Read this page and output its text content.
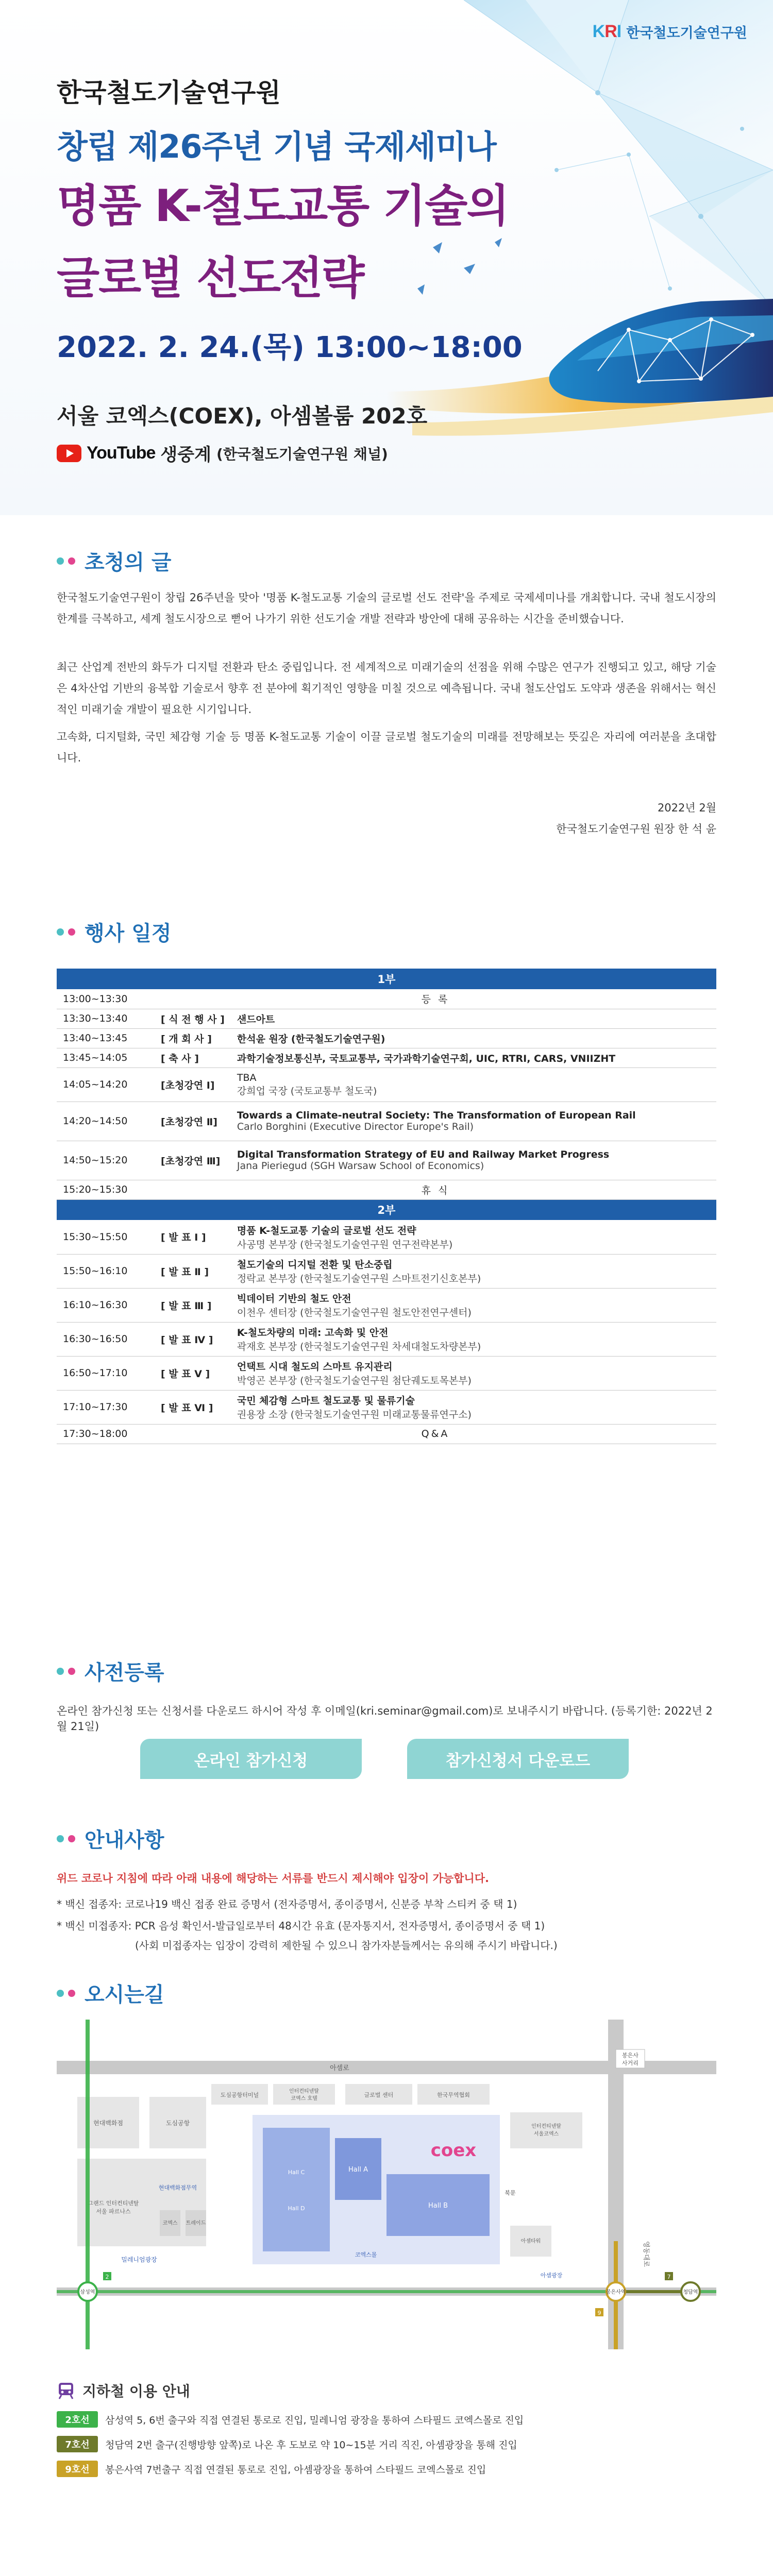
KRI 한국철도기술연구원
한국철도기술연구원
창립 제26주년 기념 국제세미나
명품 K-철도교통 기술의
글로벌 선도전략
2022. 2. 24.(목) 13:00~18:00
서울 코엑스(COEX), 아셈볼룸 202호
YouTube 생중계 (한국철도기술연구원 채널)
초청의 글
한국철도기술연구원이 창립 26주년을 맞아 '명품 K-철도교통 기술의 글로벌 선도 전략'을 주제로 국제세미나를 개최합니다. 국내 철도시장의 한계를 극복하고, 세계 철도시장으로 뻗어 나가기 위한 선도기술 개발 전략과 방안에 대해 공유하는 시간을 준비했습니다.
최근 산업계 전반의 화두가 디지털 전환과 탄소 중립입니다. 전 세계적으로 미래기술의 선점을 위해 수많은 연구가 진행되고 있고, 해당 기술은 4차산업 기반의 융복합 기술로서 향후 전 분야에 획기적인 영향을 미칠 것으로 예측됩니다. 국내 철도산업도 도약과 생존을 위해서는 혁신적인 미래기술 개발이 필요한 시기입니다.
고속화, 디지털화, 국민 체감형 기술 등 명품 K-철도교통 기술이 이끌 글로벌 철도기술의 미래를 전망해보는 뜻깊은 자리에 여러분을 초대합니다.
2022년 2월
한국철도기술연구원 원장 한 석 윤
행사 일정
1부		
13:00~13:30	등 록	
13:30~13:40	[ 식 전 행 사 ]	샌드아트

13:40~13:45	[ 개 회 사 ]	한석윤 원장 (한국철도기술연구원)

13:45~14:05	[ 축 사 ]	과학기술정보통신부, 국토교통부, 국가과학기술연구회, UIC, RTRI, CARS, VNIIZHT

14:05~14:20	[초청강연 Ⅰ]	TBA
강희업 국장 (국토교통부 철도국)

14:20~14:50	[초청강연 Ⅱ]	Towards a Climate-neutral Society: The Transformation of European Rail
Carlo Borghini (Executive Director Europe's Rail)

14:50~15:20	[초청강연 Ⅲ]	Digital Transformation Strategy of EU and Railway Market Progress
Jana Pieriegud (SGH Warsaw School of Economics)

15:20~15:30	휴 식	
2부		
15:30~15:50	[ 발 표 Ⅰ ]	명품 K-철도교통 기술의 글로벌 선도 전략
사공명 본부장 (한국철도기술연구원 연구전략본부)

15:50~16:10	[ 발 표 Ⅱ ]	철도기술의 디지털 전환 및 탄소중립
정락교 본부장 (한국철도기술연구원 스마트전기신호본부)

16:10~16:30	[ 발 표 Ⅲ ]	빅데이터 기반의 철도 안전
이천우 센터장 (한국철도기술연구원 철도안전연구센터)

16:30~16:50	[ 발 표 Ⅳ ]	K-철도차량의 미래: 고속화 및 안전
곽재호 본부장 (한국철도기술연구원 차세대철도차량본부)

16:50~17:10	[ 발 표 Ⅴ ]	언택트 시대 철도의 스마트 유지관리
박영곤 본부장 (한국철도기술연구원 첨단궤도토목본부)

17:10~17:30	[ 발 표 Ⅵ ]	국민 체감형 스마트 철도교통 및 물류기술
권용장 소장 (한국철도기술연구원 미래교통물류연구소)

17:30~18:00	Q&A	
사전등록
온라인 참가신청 또는 신청서를 다운로드 하시어 작성 후 이메일(kri.seminar@gmail.com)로 보내주시기 바랍니다. (등록기한: 2022년 2월 21일)
온라인 참가신청	참가신청서 다운로드
안내사항
위드 코로나 지침에 따라 아래 내용에 해당하는 서류를 반드시 제시해야 입장이 가능합니다.
* 백신 접종자: 코로나19 백신 접종 완료 증명서 (전자증명서, 종이증명서, 신분증 부착 스티커 중 택 1)
* 백신 미접종자: PCR 음성 확인서-발급일로부터 48시간 유효 (문자통지서, 전자증명서, 종이증명서 중 택 1)
(사회 미접종자는 입장이 강력히 제한될 수 있으니 참가자분들께서는 유의해 주시기 바랍니다.)
오시는길
아셈로
영동대로
봉은사
사거리
현대백화점	도심공항
그랜드 인터컨티넨탈
서울 파르나스
현대백화점무역
코엑스 트레이드
밀레니엄광장
도심공항터미널
인터컨티넨탈
코엑스 호텔
글로벌 센터	한국무역협회
인터컨티넨탈
서울코엑스
Hall A
Hall B
Hall C
Hall D
coex
코엑스몰
북문
아셈타워
아셈광장
삼성역	봉은사역	청담역
2	7
9
지하철 이용 안내
2호선	삼성역 5, 6번 출구와 직접 연결된 통로로 진입, 밀레니엄 광장을 통하여 스타필드 코엑스몰로 진입
7호선	청담역 2번 출구(진행방향 앞쪽)로 나온 후 도보로 약 10~15분 거리 직진, 아셈광장을 통해 진입
9호선	봉은사역 7번출구 직접 연결된 통로로 진입, 아셈광장을 통하여 스타필드 코엑스몰로 진입
